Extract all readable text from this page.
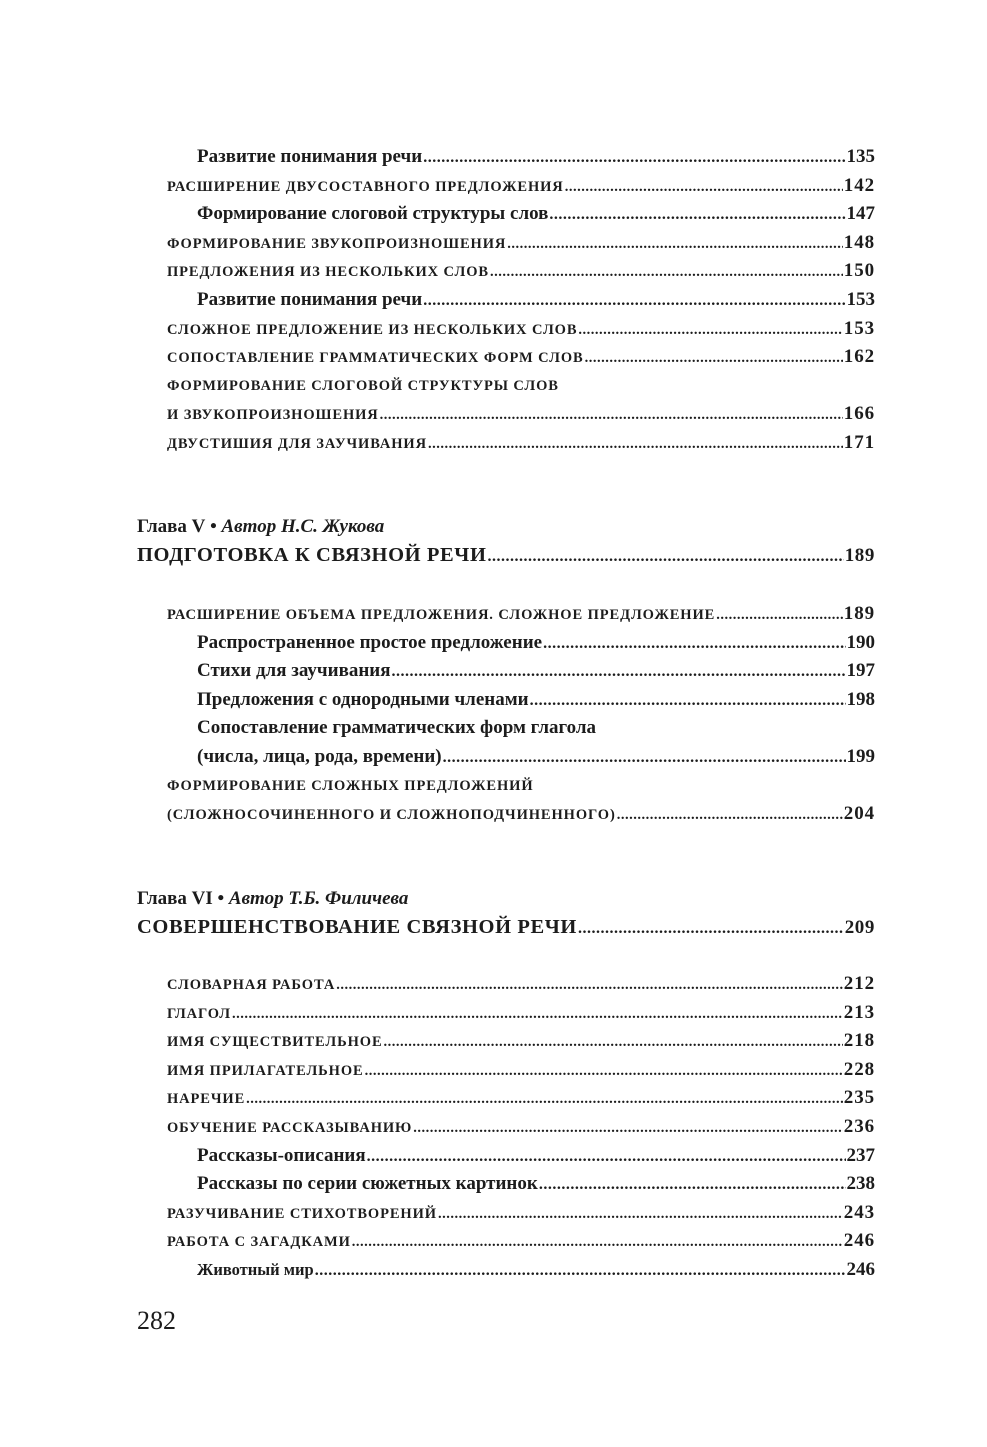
Развитие понимания речи .....	135
РАСШИРЕНИЕ ДВУСОСТАВНОГО ПРЕДЛОЖЕНИЯ .....	142
Формирование слоговой структуры слов .....	147
ФОРМИРОВАНИЕ ЗВУКОПРОИЗНОШЕНИЯ .....	148
ПРЕДЛОЖЕНИЯ ИЗ НЕСКОЛЬКИХ СЛОВ .....	150
Развитие понимания речи .....	153
СЛОЖНОЕ ПРЕДЛОЖЕНИЕ ИЗ НЕСКОЛЬКИХ СЛОВ .....	153
СОПОСТАВЛЕНИЕ ГРАММАТИЧЕСКИХ ФОРМ СЛОВ .....	162
ФОРМИРОВАНИЕ СЛОГОВОЙ СТРУКТУРЫ СЛОВ
И ЗВУКОПРОИЗНОШЕНИЯ .....	166
ДВУСТИШИЯ ДЛЯ ЗАУЧИВАНИЯ .....	171
Глава V • Автор Н.С. Жукова
ПОДГОТОВКА К СВЯЗНОЙ РЕЧИ .....	189
РАСШИРЕНИЕ ОБЪЕМА ПРЕДЛОЖЕНИЯ. СЛОЖНОЕ ПРЕДЛОЖЕНИЕ .....	189
Распространенное простое предложение .....	190
Стихи для заучивания .....	197
Предложения с однородными членами .....	198
Сопоставление грамматических форм глагола
(числа, лица, рода, времени) .....	199
ФОРМИРОВАНИЕ СЛОЖНЫХ ПРЕДЛОЖЕНИЙ
(СЛОЖНОСОЧИНЕННОГО И СЛОЖНОПОДЧИНЕННОГО) .....	204
Глава VI • Автор Т.Б. Филичева
СОВЕРШЕНСТВОВАНИЕ СВЯЗНОЙ РЕЧИ .....	209
СЛОВАРНАЯ РАБОТА .....	212
ГЛАГОЛ .....	213
ИМЯ СУЩЕСТВИТЕЛЬНОЕ .....	218
ИМЯ ПРИЛАГАТЕЛЬНОЕ .....	228
НАРЕЧИЕ .....	235
ОБУЧЕНИЕ РАССКАЗЫВАНИЮ .....	236
Рассказы-описания .....	237
Рассказы по серии сюжетных картинок .....	238
РАЗУЧИВАНИЕ СТИХОТВОРЕНИЙ .....	243
РАБОТА С ЗАГАДКАМИ .....	246
Животный мир .....	246
282
